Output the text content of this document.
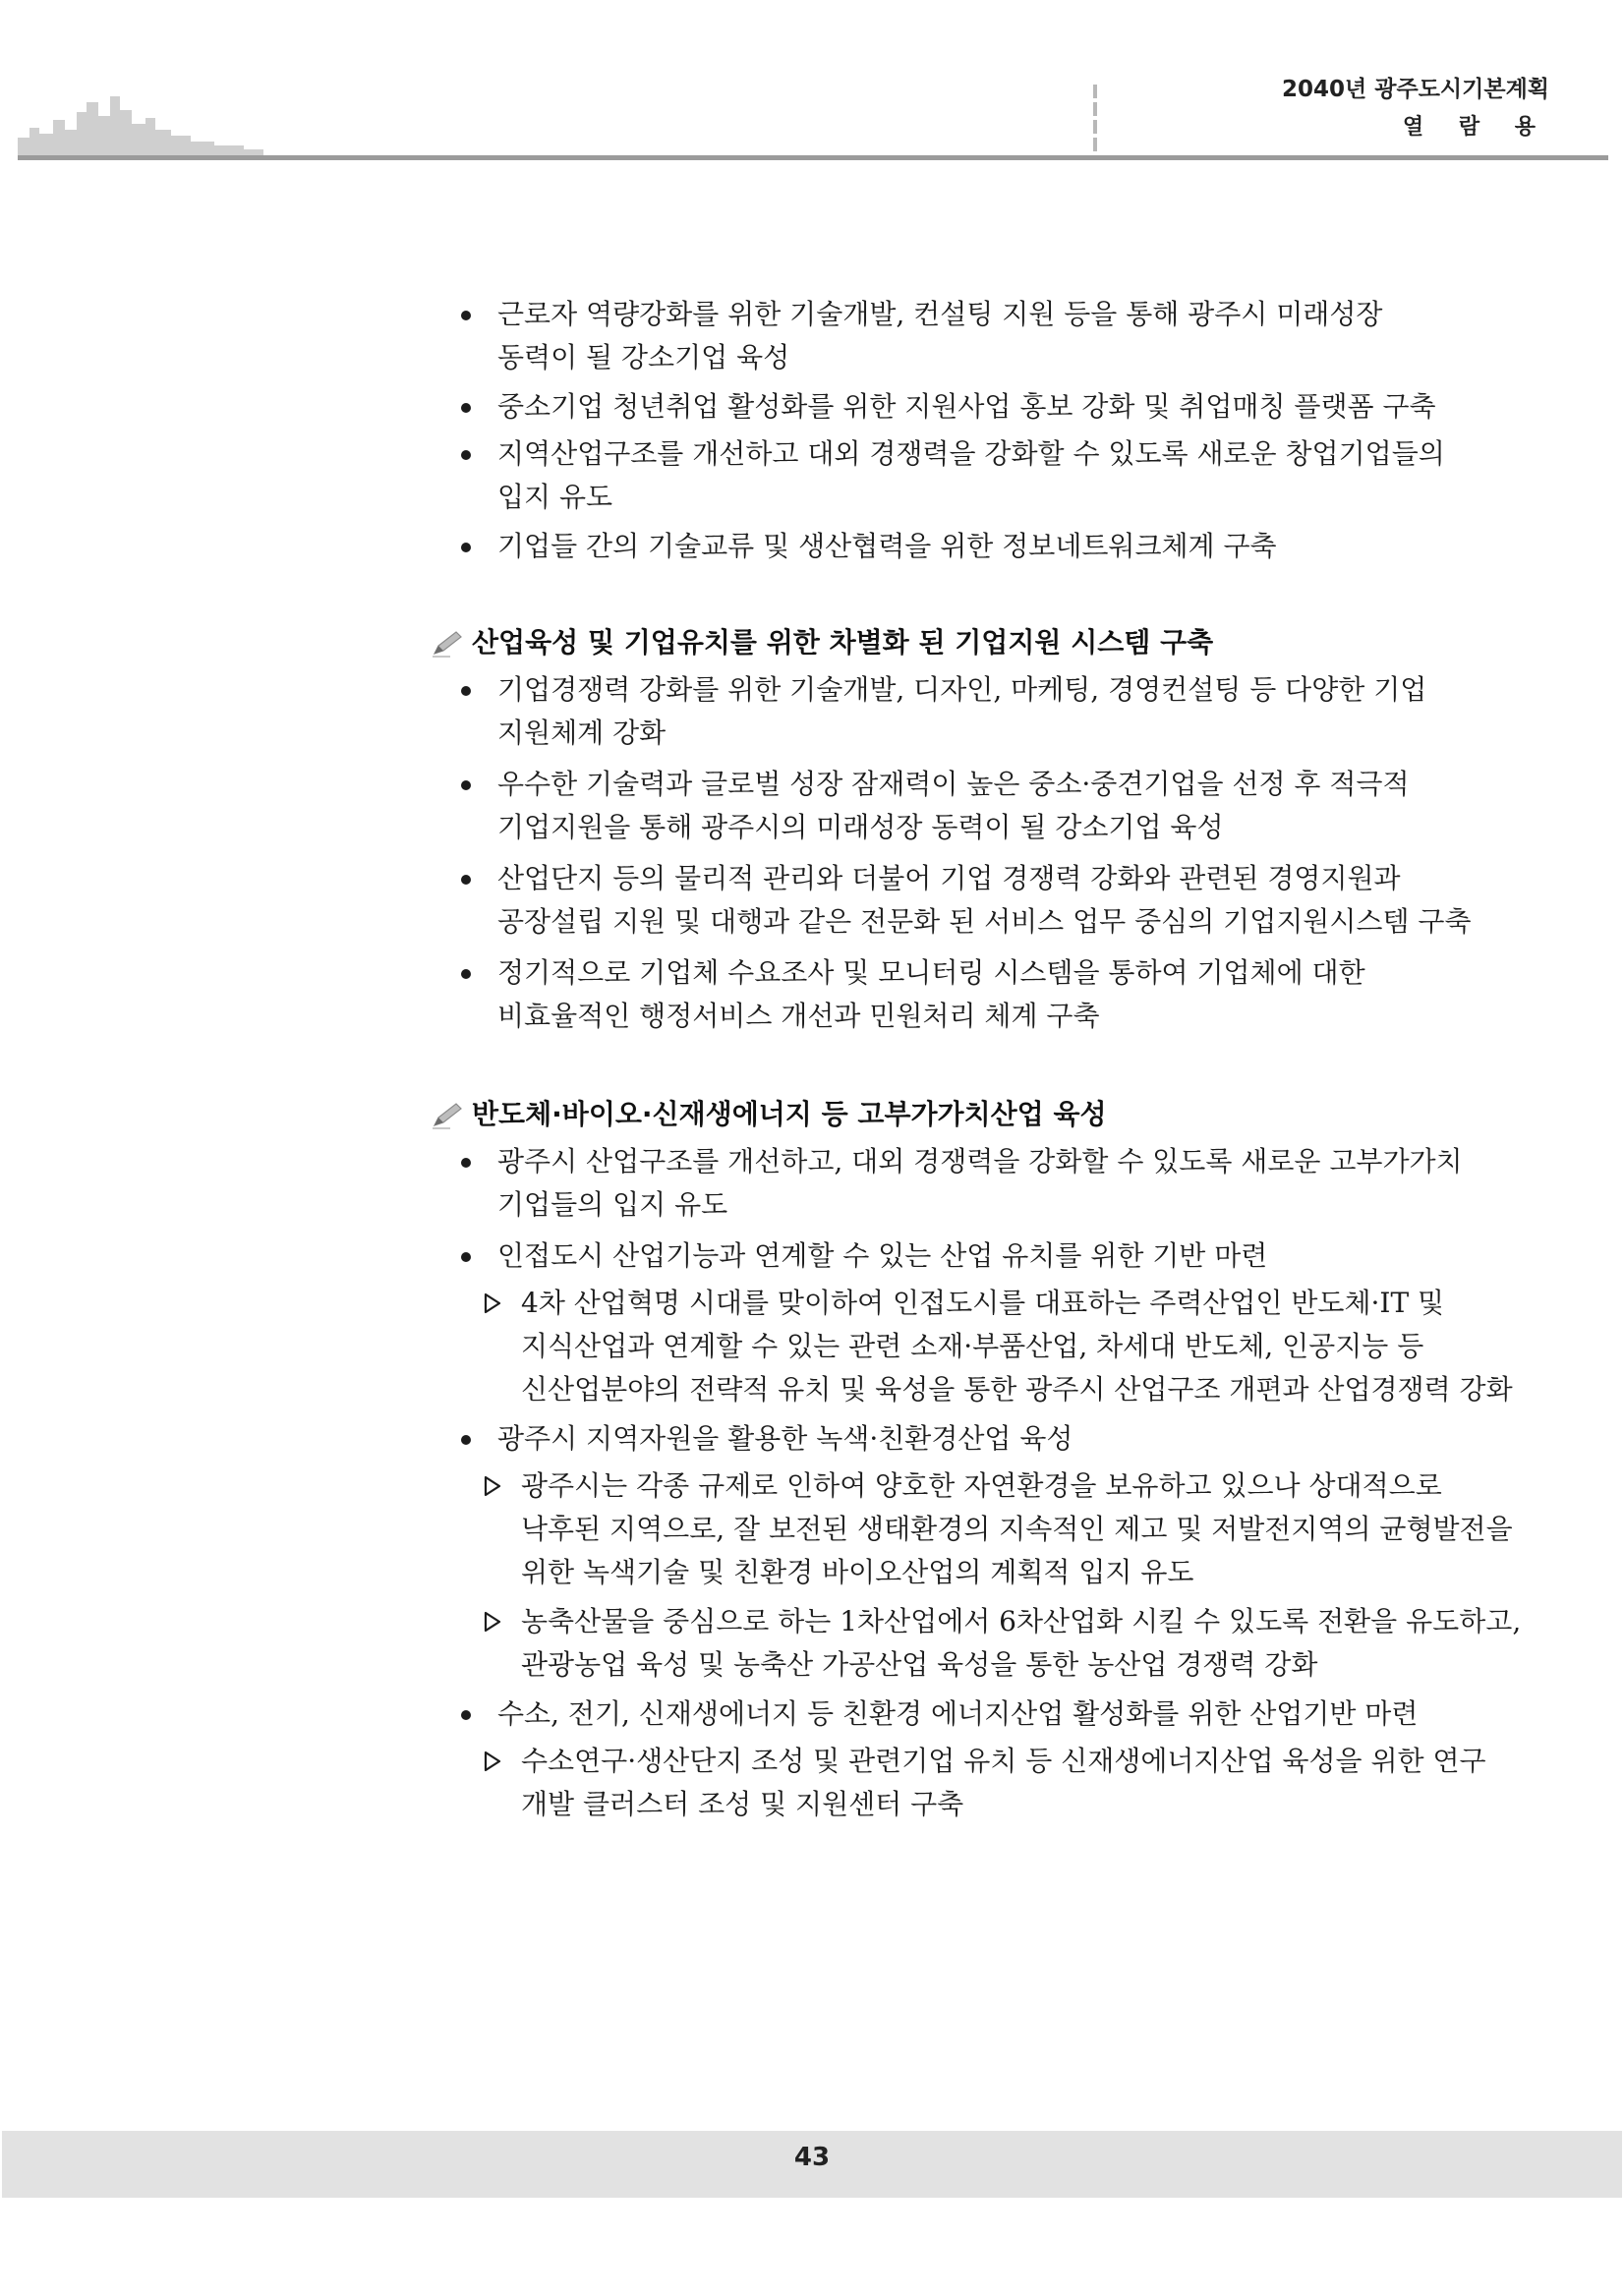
2040년 광주도시기본계획
열 람 용
근로자 역량강화를 위한 기술개발, 컨설팅 지원 등을 통해 광주시 미래성장
동력이 될 강소기업 육성
중소기업 청년취업 활성화를 위한 지원사업 홍보 강화 및 취업매칭 플랫폼 구축
지역산업구조를 개선하고 대외 경쟁력을 강화할 수 있도록 새로운 창업기업들의
입지 유도
기업들 간의 기술교류 및 생산협력을 위한 정보네트워크체계 구축
산업육성 및 기업유치를 위한 차별화 된 기업지원 시스템 구축
기업경쟁력 강화를 위한 기술개발, 디자인, 마케팅, 경영컨설팅 등 다양한 기업
지원체계 강화
우수한 기술력과 글로벌 성장 잠재력이 높은 중소·중견기업을 선정 후 적극적
기업지원을 통해 광주시의 미래성장 동력이 될 강소기업 육성
산업단지 등의 물리적 관리와 더불어 기업 경쟁력 강화와 관련된 경영지원과
공장설립 지원 및 대행과 같은 전문화 된 서비스 업무 중심의 기업지원시스템 구축
정기적으로 기업체 수요조사 및 모니터링 시스템을 통하여 기업체에 대한
비효율적인 행정서비스 개선과 민원처리 체계 구축
반도체·바이오·신재생에너지 등 고부가가치산업 육성
광주시 산업구조를 개선하고, 대외 경쟁력을 강화할 수 있도록 새로운 고부가가치
기업들의 입지 유도
인접도시 산업기능과 연계할 수 있는 산업 유치를 위한 기반 마련
4차 산업혁명 시대를 맞이하여 인접도시를 대표하는 주력산업인 반도체·IT 및
지식산업과 연계할 수 있는 관련 소재·부품산업, 차세대 반도체, 인공지능 등
신산업분야의 전략적 유치 및 육성을 통한 광주시 산업구조 개편과 산업경쟁력 강화
광주시 지역자원을 활용한 녹색·친환경산업 육성
광주시는 각종 규제로 인하여 양호한 자연환경을 보유하고 있으나 상대적으로
낙후된 지역으로, 잘 보전된 생태환경의 지속적인 제고 및 저발전지역의 균형발전을
위한 녹색기술 및 친환경 바이오산업의 계획적 입지 유도
농축산물을 중심으로 하는 1차산업에서 6차산업화 시킬 수 있도록 전환을 유도하고,
관광농업 육성 및 농축산 가공산업 육성을 통한 농산업 경쟁력 강화
수소, 전기, 신재생에너지 등 친환경 에너지산업 활성화를 위한 산업기반 마련
수소연구·생산단지 조성 및 관련기업 유치 등 신재생에너지산업 육성을 위한 연구
개발 클러스터 조성 및 지원센터 구축
43
